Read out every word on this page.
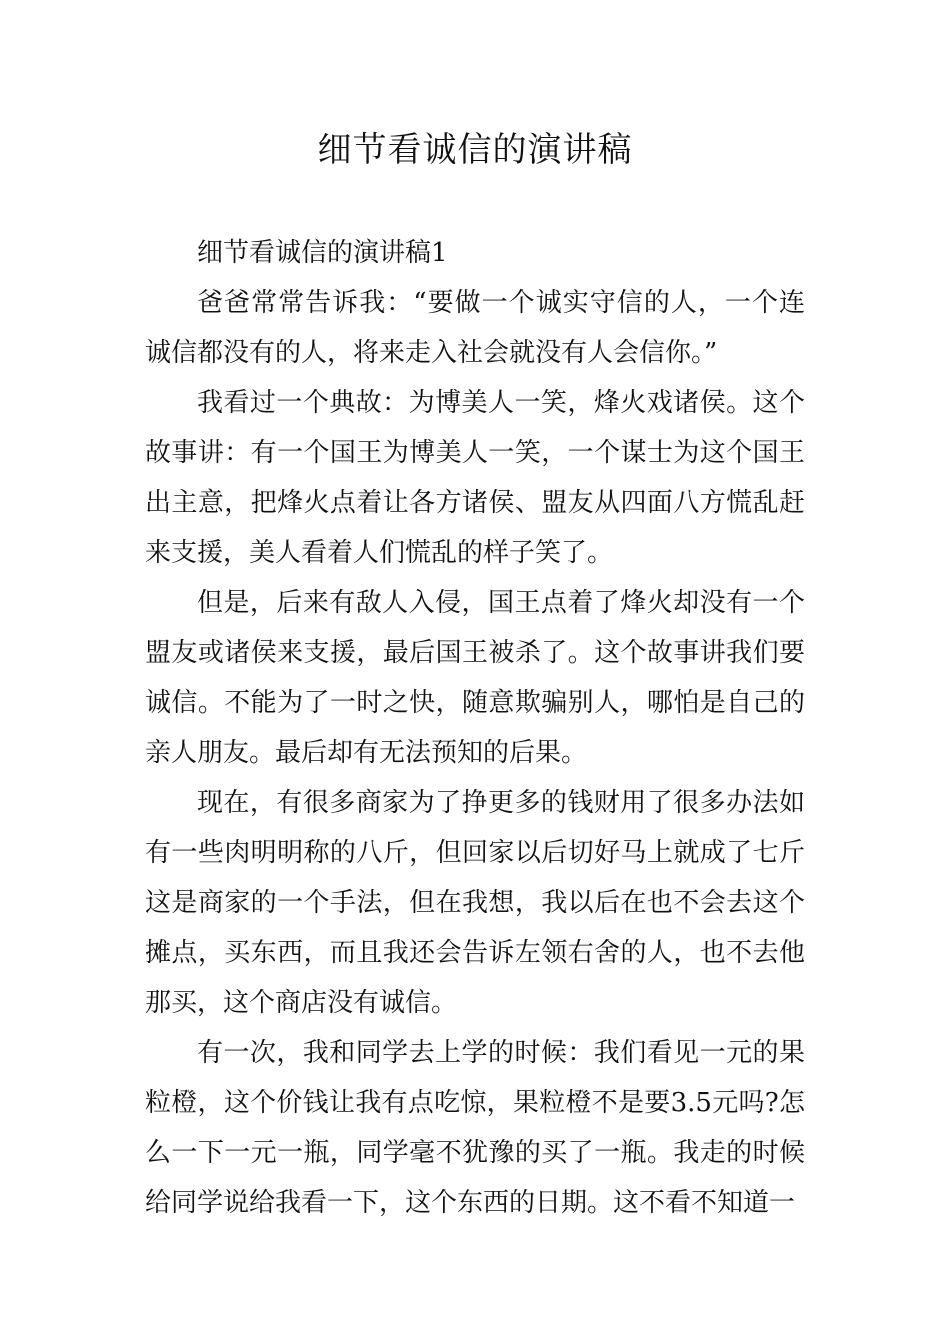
细节看诚信的演讲稿

细节看诚信的演讲稿1

爸爸常常告诉我：“要做一个诚实守信的人，一个连诚信都没有的人，将来走入社会就没有人会信你。”

我看过一个典故：为博美人一笑，烽火戏诸侯。这个故事讲：有一个国王为博美人一笑，一个谋士为这个国王出主意，把烽火点着让各方诸侯、盟友从四面八方慌乱赶来支援，美人看着人们慌乱的样子笑了。

但是，后来有敌人入侵，国王点着了烽火却没有一个盟友或诸侯来支援，最后国王被杀了。这个故事讲我们要诚信。不能为了一时之快，随意欺骗别人，哪怕是自己的亲人朋友。最后却有无法预知的后果。

现在，有很多商家为了挣更多的钱财用了很多办法如有一些肉明明称的八斤，但回家以后切好马上就成了七斤这是商家的一个手法，但在我想，我以后在也不会去这个摊点，买东西，而且我还会告诉左领右舍的人，也不去他那买，这个商店没有诚信。

有一次，我和同学去上学的时候：我们看见一元的果粒橙，这个价钱让我有点吃惊，果粒橙不是要3.5元吗?怎么一下一元一瓶，同学毫不犹豫的买了一瓶。我走的时候给同学说给我看一下，这个东西的日期。这不看不知道一
